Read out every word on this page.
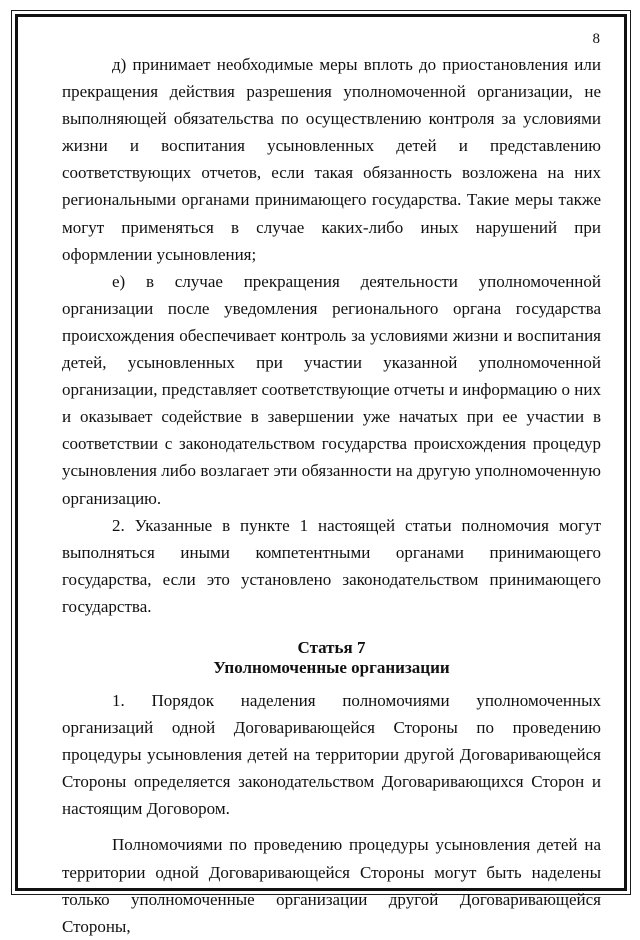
8

д) принимает необходимые меры вплоть до приостановления или прекращения действия разрешения уполномоченной организации, не выполняющей обязательства по осуществлению контроля за условиями жизни и воспитания усыновленных детей и представлению соответствующих отчетов, если такая обязанность возложена на них региональными органами принимающего государства. Такие меры также могут применяться в случае каких-либо иных нарушений при оформлении усыновления;

е) в случае прекращения деятельности уполномоченной организации после уведомления регионального органа государства происхождения обеспечивает контроль за условиями жизни и воспитания детей, усыновленных при участии указанной уполномоченной организации, представляет соответствующие отчеты и информацию о них и оказывает содействие в завершении уже начатых при ее участии в соответствии с законодательством государства происхождения процедур усыновления либо возлагает эти обязанности на другую уполномоченную организацию.

2. Указанные в пункте 1 настоящей статьи полномочия могут выполняться иными компетентными органами принимающего государства, если это установлено законодательством принимающего государства.

Статья 7
Уполномоченные организации

1. Порядок наделения полномочиями уполномоченных организаций одной Договаривающейся Стороны по проведению процедуры усыновления детей на территории другой Договаривающейся Стороны определяется законодательством Договаривающихся Сторон и настоящим Договором.

Полномочиями по проведению процедуры усыновления детей на территории одной Договаривающейся Стороны могут быть наделены только уполномоченные организации другой Договаривающейся Стороны,
